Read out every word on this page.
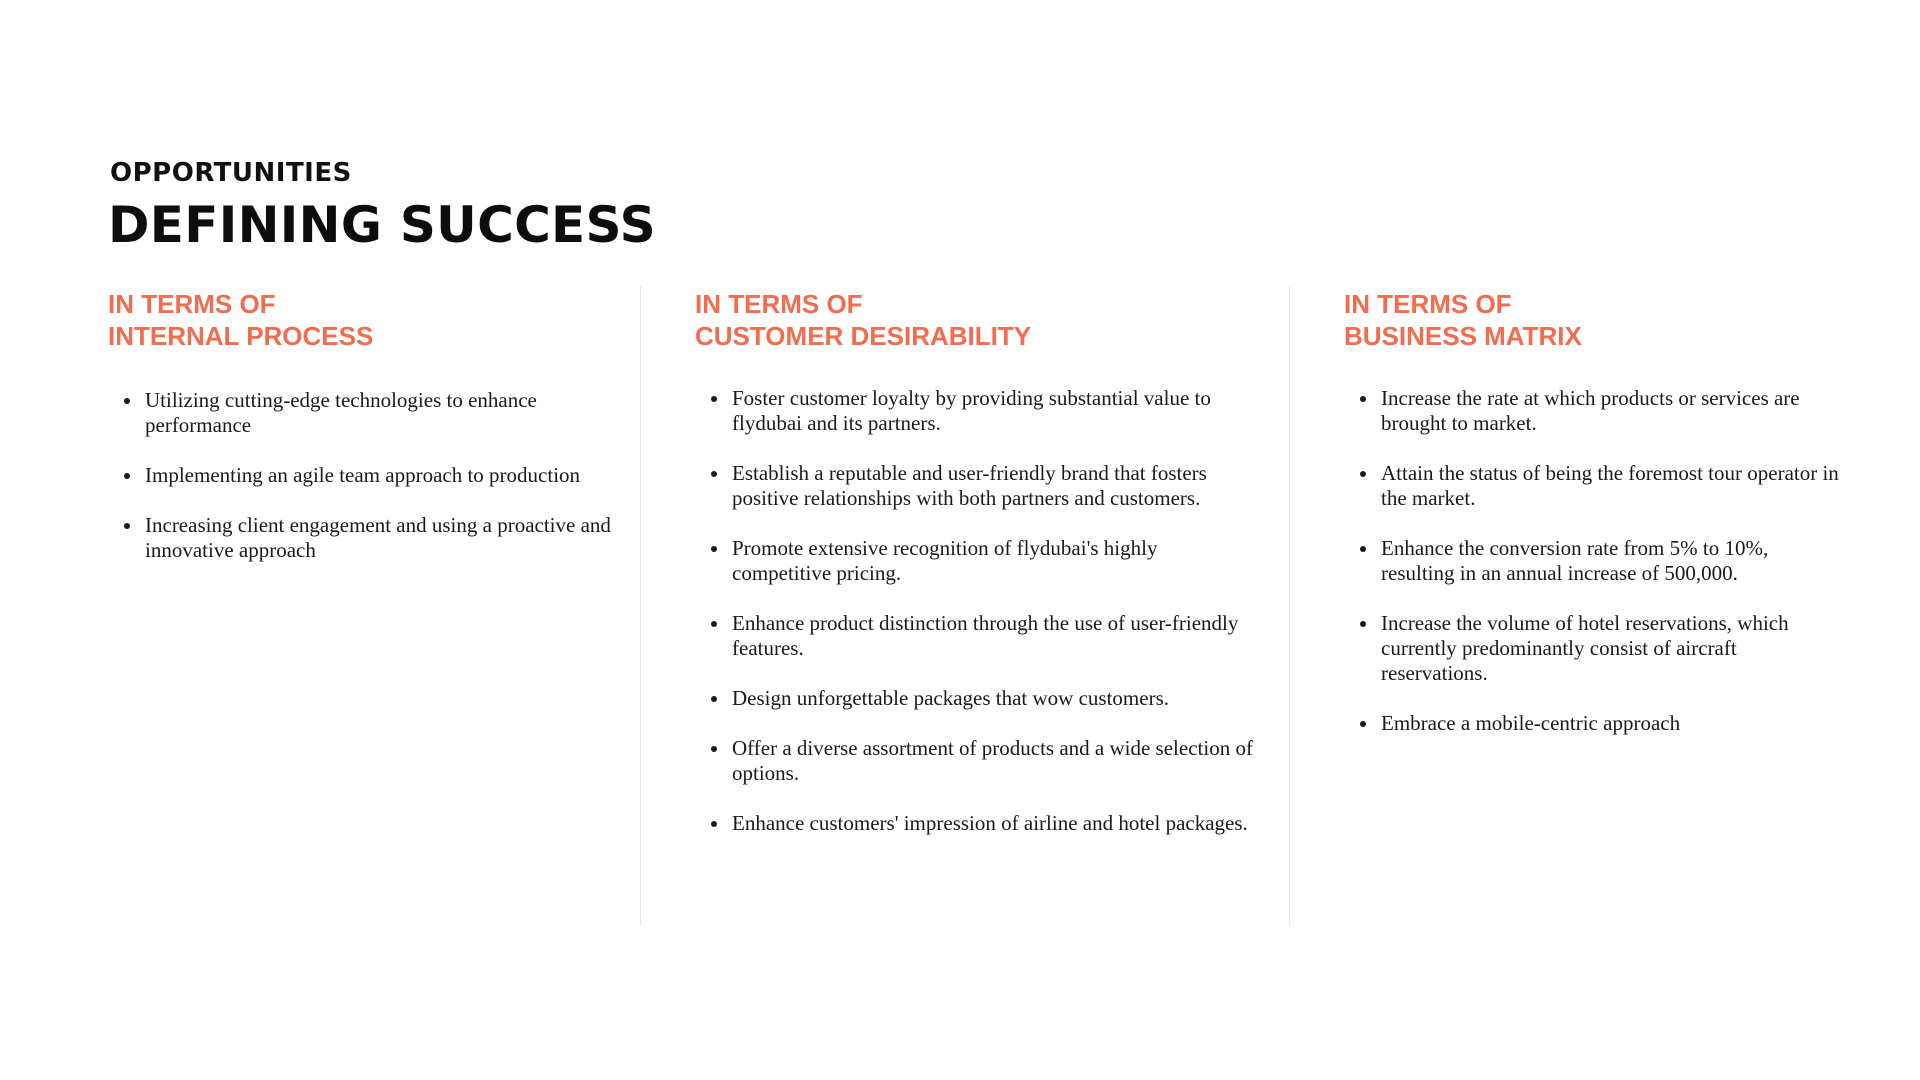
OPPORTUNITIES
DEFINING SUCCESS
IN TERMS OF
INTERNAL PROCESS
Utilizing cutting-edge technologies to enhance performance
Implementing an agile team approach to production
Increasing client engagement and using a proactive and innovative approach
IN TERMS OF
CUSTOMER DESIRABILITY
Foster customer loyalty by providing substantial value to flydubai and its partners.
Establish a reputable and user-friendly brand that fosters positive relationships with both partners and customers.
Promote extensive recognition of flydubai's highly competitive pricing.
Enhance product distinction through the use of user-friendly features.
Design unforgettable packages that wow customers.
Offer a diverse assortment of products and a wide selection of options.
Enhance customers' impression of airline and hotel packages.
IN TERMS OF
BUSINESS MATRIX
Increase the rate at which products or services are brought to market.
Attain the status of being the foremost tour operator in the market.
Enhance the conversion rate from 5% to 10%, resulting in an annual increase of 500,000.
Increase the volume of hotel reservations, which currently predominantly consist of aircraft reservations.
Embrace a mobile-centric approach
